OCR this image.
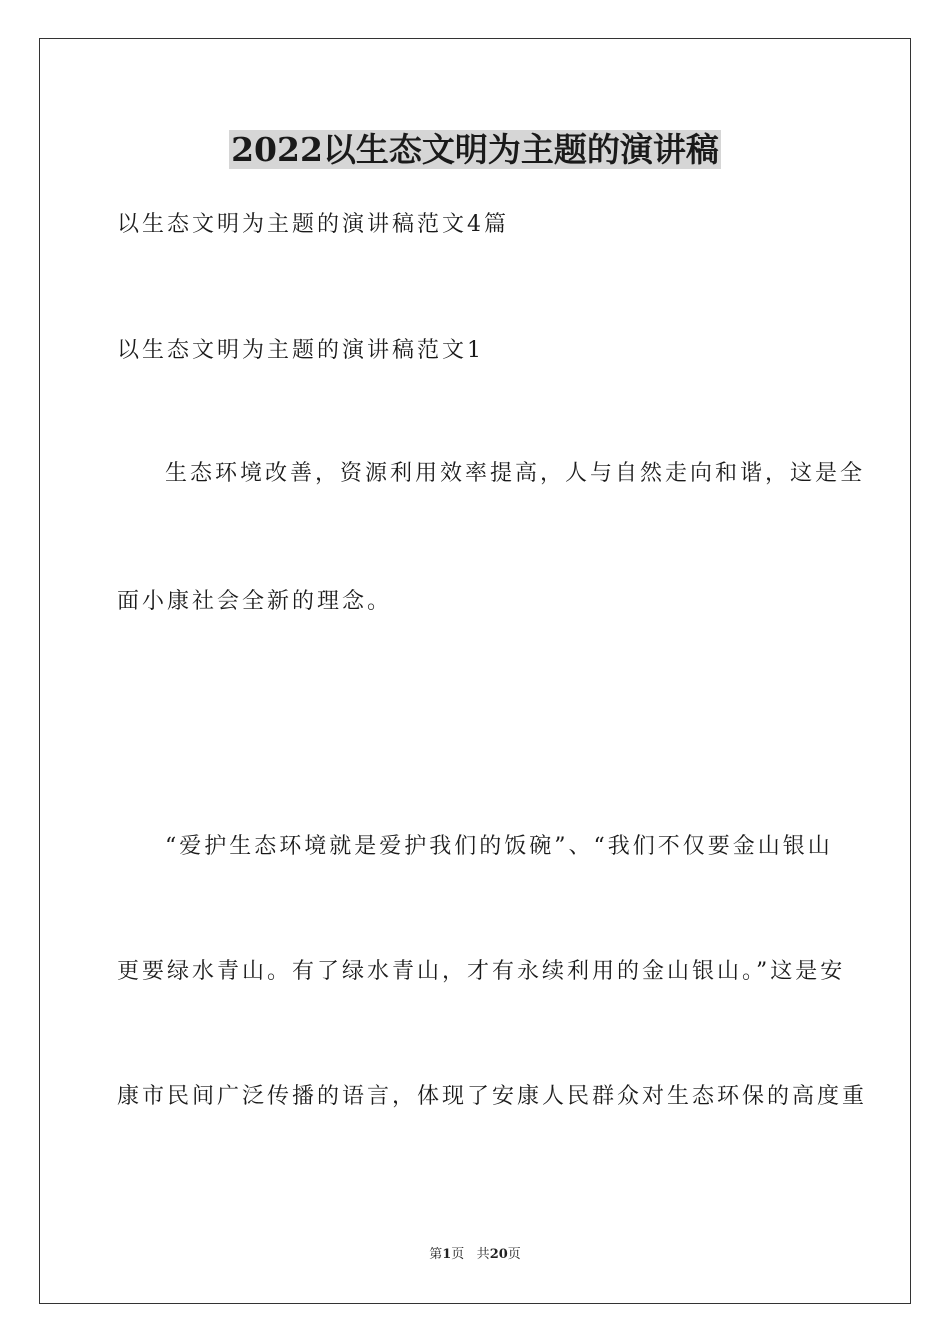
2022以生态文明为主题的演讲稿
以生态文明为主题的演讲稿范文4篇
以生态文明为主题的演讲稿范文1
生态环境改善，资源利用效率提高，人与自然走向和谐，这是全
面小康社会全新的理念。
“爱护生态环境就是爱护我们的饭碗”、“我们不仅要金山银山
更要绿水青山。有了绿水青山，才有永续利用的金山银山。”这是安
康市民间广泛传播的语言，体现了安康人民群众对生态环保的高度重
第1页 共20页
